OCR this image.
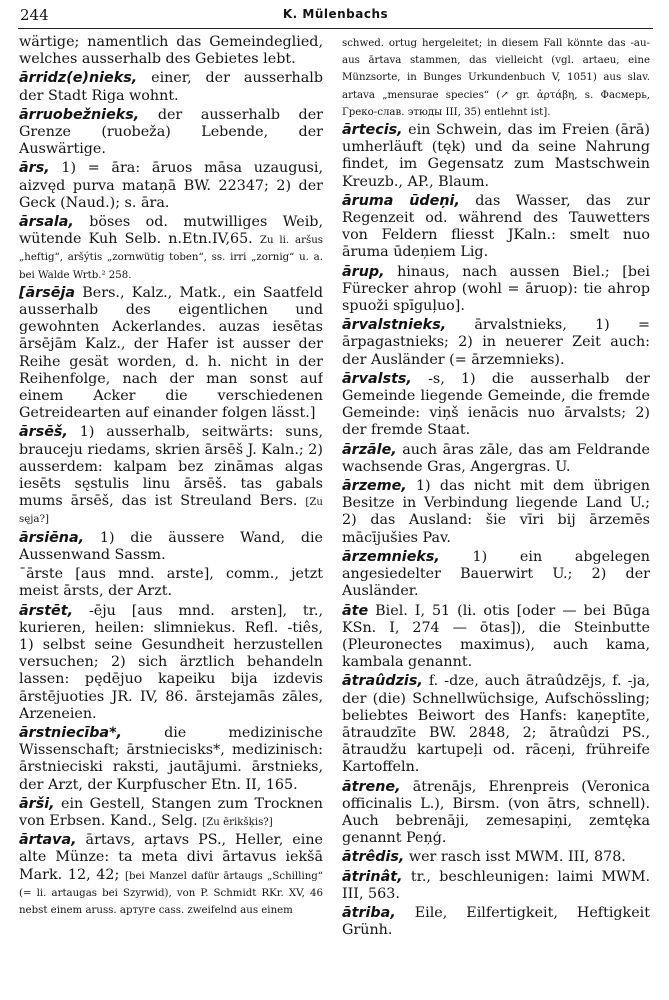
244	K. Mülenbachs

wärtige; namentlich das Gemeindeglied, welches ausserhalb des Gebietes lebt.

ārridz(e)nieks, einer, der ausserhalb der Stadt Riga wohnt.

ārruobežnieks, der ausserhalb der Grenze (ruobeža) Lebende, der Auswärtige.

ārs, 1) = āra: āruos māsa uzaugusi, aizvęd purva mataņā BW. 22347; 2) der Geck (Naud.); s. āra.

ārsala, böses od. mutwilliges Weib, wütende Kuh Selb. n.Etn.IV,65. Zu li. aršus „heftig“, aršýtis „zornwütig toben“, ss. irri „zornig“ u. a. bei Walde Wrtb.² 258.

[ārsēja Bers., Kalz., Matk., ein Saatfeld ausserhalb des eigentlichen und gewohnten Ackerlandes. auzas iesētas ārsējām Kalz., der Hafer ist ausser der Reihe gesät worden, d. h. nicht in der Reihenfolge, nach der man sonst auf einem Acker die verschiedenen Getreidearten auf einander folgen lässt.]

ārsēš, 1) ausserhalb, seitwärts: suns, brauceju riedams, skrien ārsēš J. Kaln.; 2) ausserdem: kalpam bez zināmas algas iesēts sęstulis linu ārsēš. tas gabals mums ārsēš, das ist Streuland Bers. [Zu sęja?]

ārsiēna, 1) die äussere Wand, die Aussenwand Sassm.

ˉārste [aus mnd. arste], comm., jetzt meist ārsts, der Arzt.

ārstēt, -ēju [aus mnd. arsten], tr., kurieren, heilen: slimniekus. Refl. -tiês, 1) selbst seine Gesundheit herzustellen versuchen; 2) sich ärztlich behandeln lassen: pędējuo kapeiku bija izdevis ārstējuoties JR. IV, 86. ārstejamās zāles, Arzeneien.

ārstniecība*,	die medizinische Wissenschaft; ārstniecisks*, medizinisch: ārstnieciski raksti, jautājumi. ārstnieks, der Arzt, der Kurpfuscher Etn. II, 165.

ārši, ein Gestell, Stangen zum Trocknen von Erbsen. Kand., Selg. [Zu ērikšķis?]

ārtava, ārtavs, aŗtavs PS., Heller, eine alte Münze: ta meta divi ārtavus iekšā Mark. 12, 42; [bei Manzel dafür ārtaugs „Schilling“ (= li. artaugas bei Szyrwid), von P. Schmidt RKr. XV, 46 nebst einem aruss. артуге сass. zweifelnd aus einem

schwed. ortug hergeleitet; in diesem Fall könnte das -au- aus ārtava stammen, das vielleicht (vgl. artaeu, eine Münzsorte, in Bunges Urkundenbuch V, 1051) aus slav. artava „mensurae species“ (↗ gr. ἀρτάβη, s. Фасмерь, Греко-слав. этюды III, 35) entlehnt ist].

ārtecis, ein Schwein, das im Freien (ārā) umherläuft (tęk) und da seine Nahrung findet, im Gegensatz zum Mastschwein Kreuzb., AP., Blaum.

āruma ūdeņi, das Wasser, das zur Regenzeit od. während des Tauwetters von Feldern fliesst JKaln.: smelt nuo āruma ūdeņiem Lig.

ārup, hinaus, nach aussen Biel.; [bei Fürecker ahrop (wohl = āruop): tie ahrop spuoži spīguļuo].

ārvalstnieks, ārvalstnieks, 1) = ārpagastnieks; 2) in neuerer Zeit auch: der Ausländer (= ārzemnieks).

ārvalsts, -s, 1) die ausserhalb der Gemeinde liegende Gemeinde, die fremde Gemeinde: viņš ienācis nuo ārvalsts; 2) der fremde Staat.

ārzāle, auch āras zāle, das am Feldrande wachsende Gras, Angergras. U.

ārzeme, 1) das nicht mit dem übrigen Besitze in Verbindung liegende Land U.; 2) das Ausland: šie vīri bij ārzemēs mācījušies Pav.

ārzemnieks, 1) ein abgelegen angesiedelter Bauerwirt U.; 2) der Ausländer.

āte Biel. I, 51 (li. otis [oder — bei Būga KSn. I, 274 — ōtas]), die Steinbutte (Pleuronectes maximus), auch kama, kambala genannt.

ātraûdzis, f. -dze, auch ātraûdzējs, f. -ja, der (die) Schnellwüchsige, Aufschössling; beliebtes Beiwort des Hanfs: kaņeptīte, ātraudzīte BW. 2848, 2; ātraûdzi PS., ātraudžu kartupeļi od. rāceņi, frühreife Kartoffeln.

ātrene, ātrenājs, Ehrenpreis (Veronica officinalis L.), Birsm. (von ātrs, schnell). Auch bebrenāji, zemesapiņi, zemtęka genannt Peņģ.

ātrêdis, wer rasch isst MWM. III, 878.

ātrinât, tr., beschleunigen: laimi MWM. III, 563.

ātriba, Eile, Eilfertigkeit, Heftigkeit Grünh.
